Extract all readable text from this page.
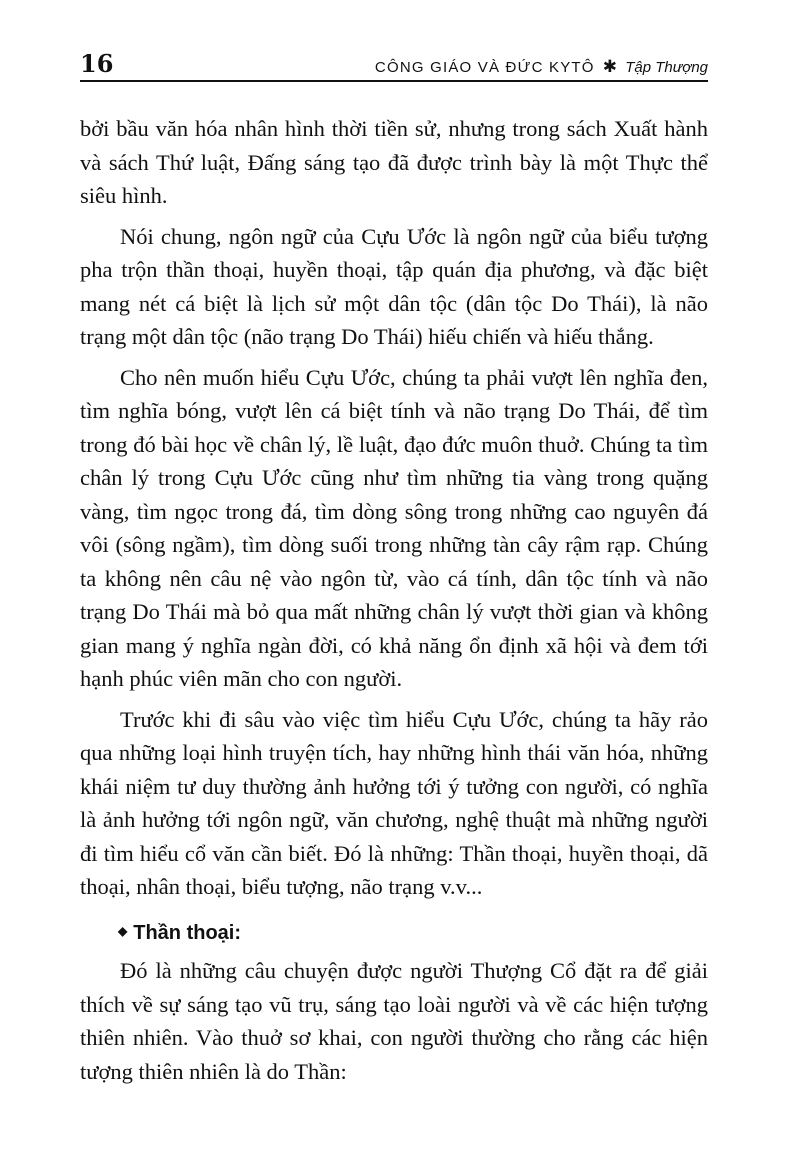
16	CÔNG GIÁO VÀ ĐỨC KYTÔ ✱ Tập Thượng

bởi bầu văn hóa nhân hình thời tiền sử, nhưng trong sách Xuất hành và sách Thứ luật, Đấng sáng tạo đã được trình bày là một Thực thể siêu hình.

Nói chung, ngôn ngữ của Cựu Ước là ngôn ngữ của biểu tượng pha trộn thần thoại, huyền thoại, tập quán địa phương, và đặc biệt mang nét cá biệt là lịch sử một dân tộc (dân tộc Do Thái), là não trạng một dân tộc (não trạng Do Thái) hiếu chiến và hiếu thắng.

Cho nên muốn hiểu Cựu Ước, chúng ta phải vượt lên nghĩa đen, tìm nghĩa bóng, vượt lên cá biệt tính và não trạng Do Thái, để tìm trong đó bài học về chân lý, lề luật, đạo đức muôn thuở. Chúng ta tìm chân lý trong Cựu Ước cũng như tìm những tia vàng trong quặng vàng, tìm ngọc trong đá, tìm dòng sông trong những cao nguyên đá vôi (sông ngầm), tìm dòng suối trong những tàn cây rậm rạp. Chúng ta không nên câu nệ vào ngôn từ, vào cá tính, dân tộc tính và não trạng Do Thái mà bỏ qua mất những chân lý vượt thời gian và không gian mang ý nghĩa ngàn đời, có khả năng ổn định xã hội và đem tới hạnh phúc viên mãn cho con người.

Trước khi đi sâu vào việc tìm hiểu Cựu Ước, chúng ta hãy rảo qua những loại hình truyện tích, hay những hình thái văn hóa, những khái niệm tư duy thường ảnh hưởng tới ý tưởng con người, có nghĩa là ảnh hưởng tới ngôn ngữ, văn chương, nghệ thuật mà những người đi tìm hiểu cổ văn cần biết. Đó là những: Thần thoại, huyền thoại, dã thoại, nhân thoại, biểu tượng, não trạng v.v...

◆ Thần thoại:

Đó là những câu chuyện được người Thượng Cổ đặt ra để giải thích về sự sáng tạo vũ trụ, sáng tạo loài người và về các hiện tượng thiên nhiên. Vào thuở sơ khai, con người thường cho rằng các hiện tượng thiên nhiên là do Thần:
